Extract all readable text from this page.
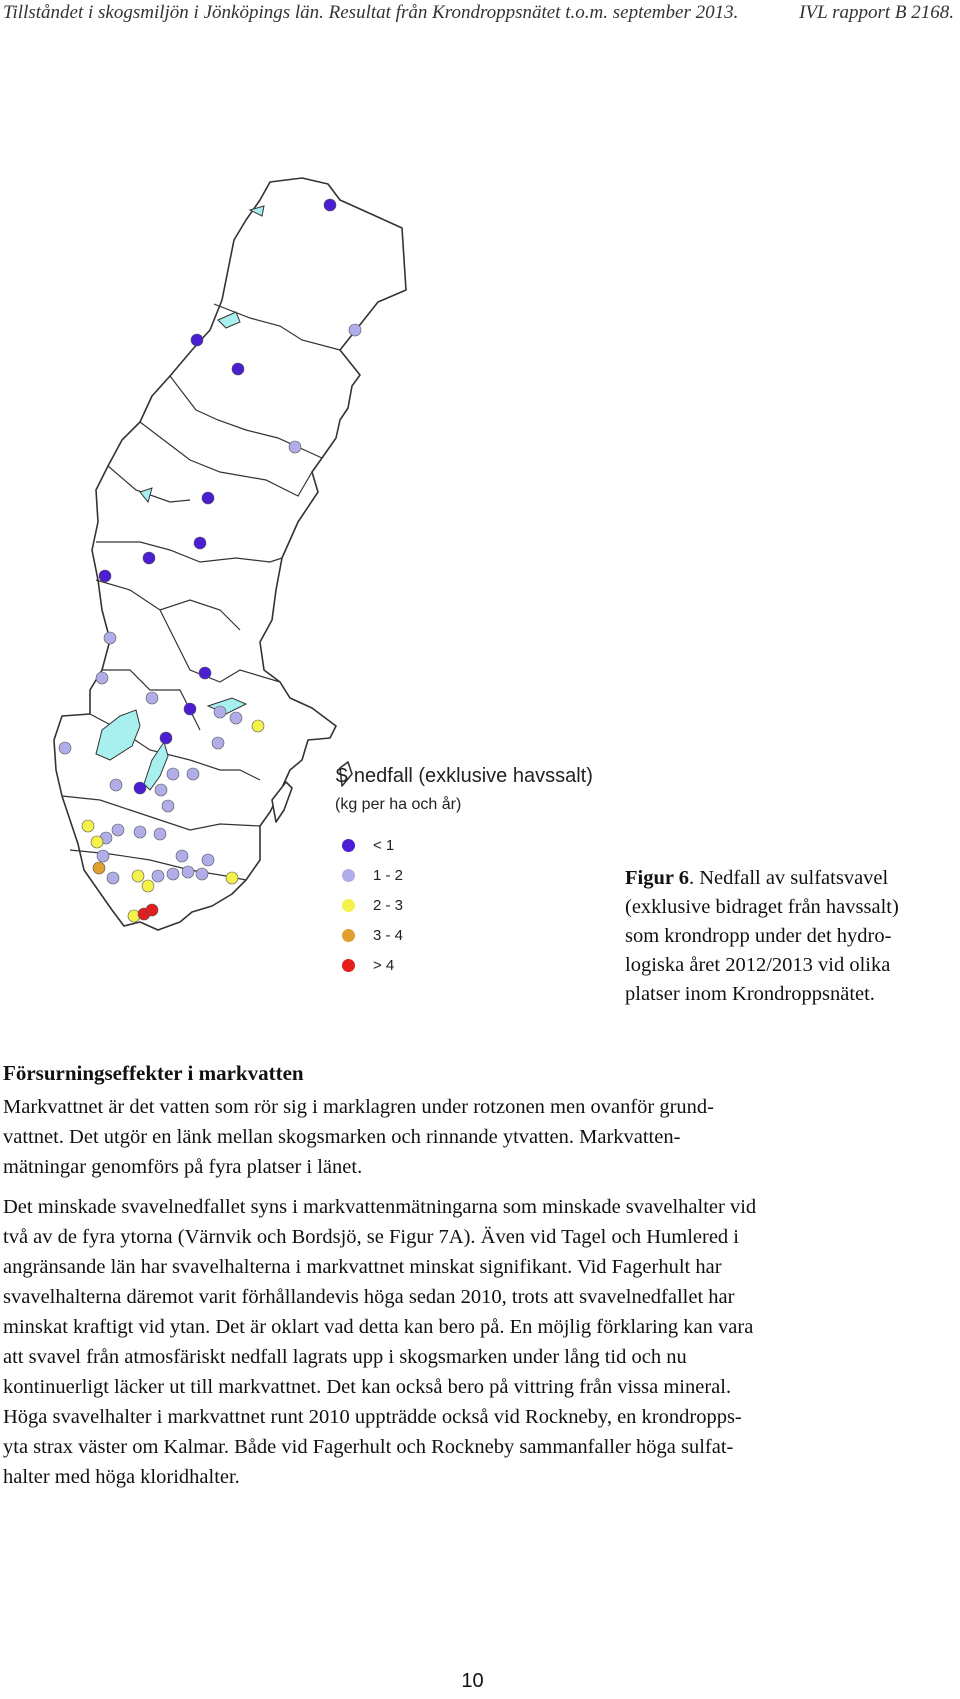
Tillståndet i skogsmiljön i Jönköpings län. Resultat från Krondroppsnätet t.o.m. september 2013.	IVL rapport B 2168.
S nedfall (exklusive havssalt)
(kg per ha och år)
< 1
1 - 2
2 - 3
3 - 4
> 4
Figur 6. Nedfall av sulfatsvavel
(exklusive bidraget från havssalt)
som krondropp under det hydro-
logiska året 2012/2013 vid olika
platser inom Krondroppsnätet.
Försurningseffekter i markvatten
Markvattnet är det vatten som rör sig i marklagren under rotzonen men ovanför grund-
vattnet. Det utgör en länk mellan skogsmarken och rinnande ytvatten. Markvatten-
mätningar genomförs på fyra platser i länet.
Det minskade svavelnedfallet syns i markvattenmätningarna som minskade svavelhalter vid
två av de fyra ytorna (Värnvik och Bordsjö, se Figur 7A). Även vid Tagel och Humlered i
angränsande län har svavelhalterna i markvattnet minskat signifikant. Vid Fagerhult har
svavelhalterna däremot varit förhållandevis höga sedan 2010, trots att svavelnedfallet har
minskat kraftigt vid ytan. Det är oklart vad detta kan bero på. En möjlig förklaring kan vara
att svavel från atmosfäriskt nedfall lagrats upp i skogsmarken under lång tid och nu
kontinuerligt läcker ut till markvattnet. Det kan också bero på vittring från vissa mineral.
Höga svavelhalter i markvattnet runt 2010 uppträdde också vid Rockneby, en krondropps-
yta strax väster om Kalmar. Både vid Fagerhult och Rockneby sammanfaller höga sulfat-
halter med höga kloridhalter.
10
